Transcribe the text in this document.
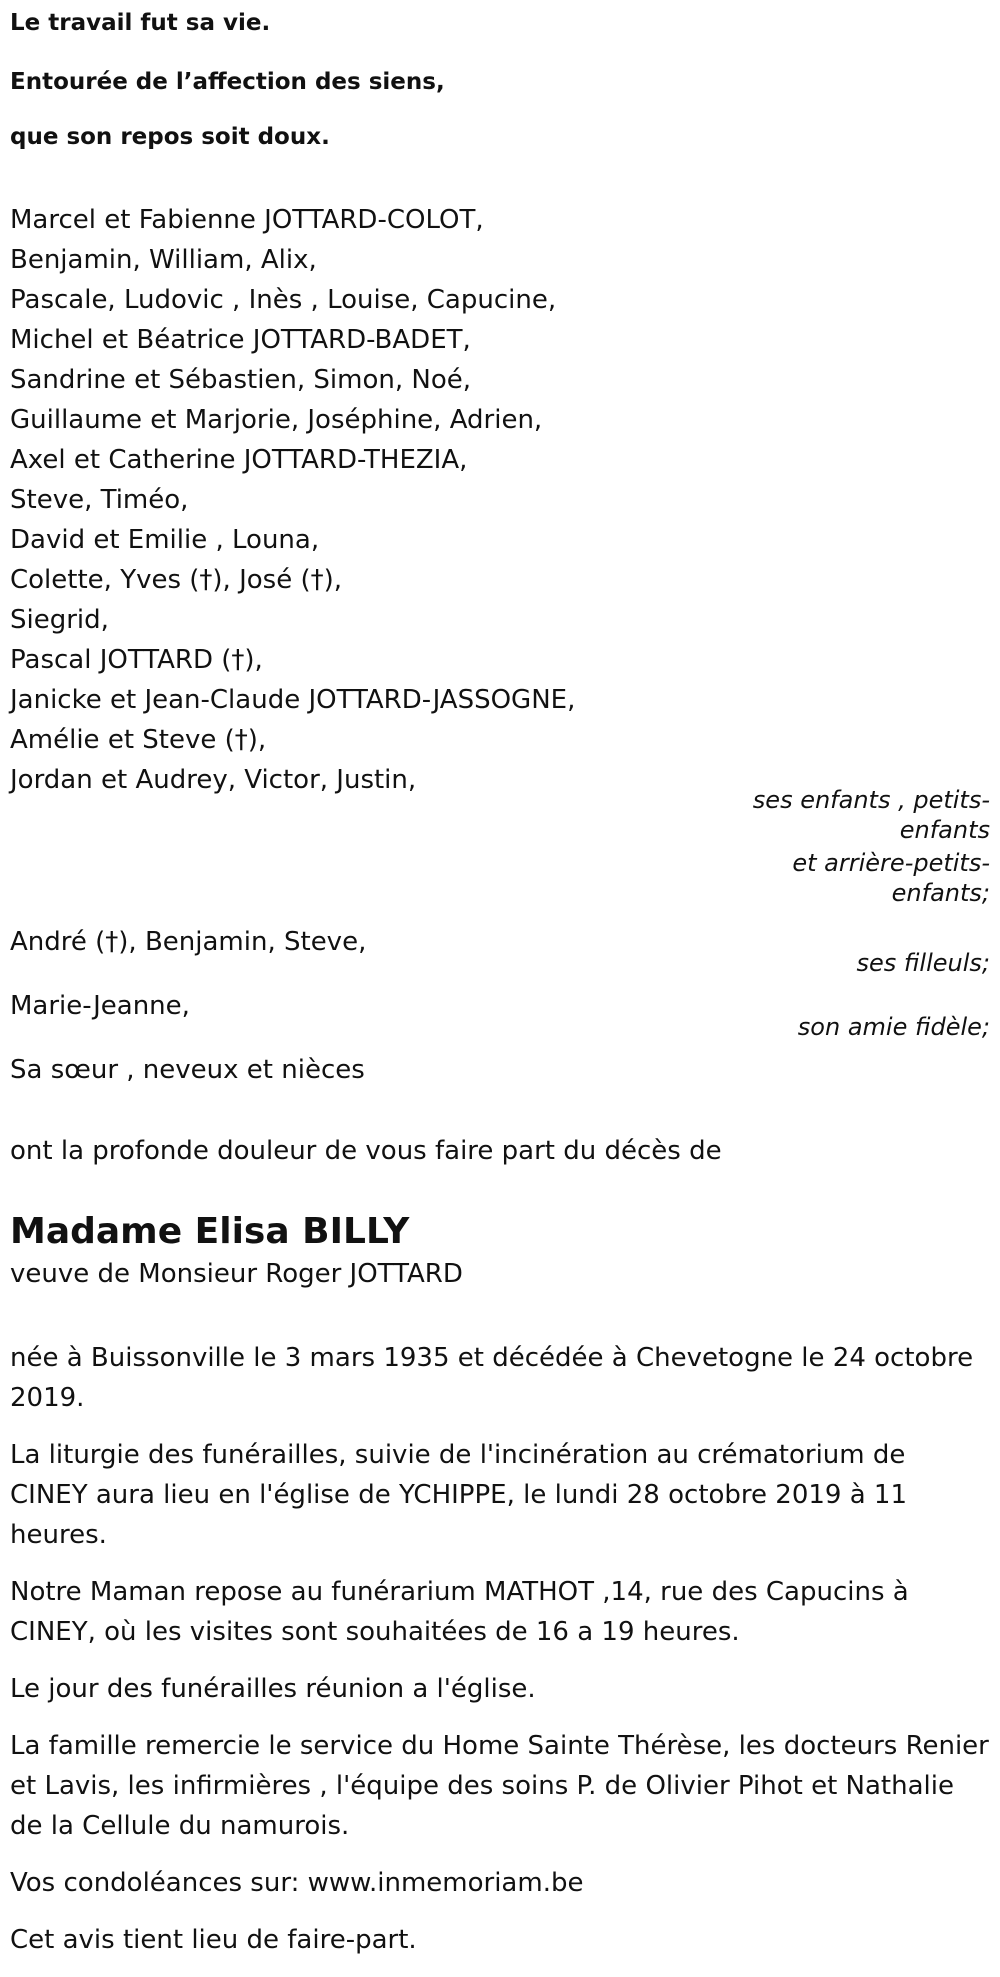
Le travail fut sa vie.

Entourée de l’affection des siens,

que son repos soit doux.

Marcel et Fabienne JOTTARD-COLOT,
Benjamin, William, Alix,
Pascale, Ludovic , Inès , Louise, Capucine,
Michel et Béatrice JOTTARD-BADET,
Sandrine et Sébastien, Simon, Noé,
Guillaume et Marjorie, Joséphine, Adrien,
Axel et Catherine JOTTARD-THEZIA,
Steve, Timéo,
David et Emilie , Louna,
Colette, Yves (†), José (†),
Siegrid,
Pascal JOTTARD (†),
Janicke et Jean-Claude JOTTARD-JASSOGNE,
Amélie et Steve (†),
Jordan et Audrey, Victor, Justin,
ses enfants , petits-enfants
et arrière-petits-enfants;
André (†), Benjamin, Steve,
ses filleuls;
Marie-Jeanne,
son amie fidèle;
Sa sœur , neveux et nièces
ont la profonde douleur de vous faire part du décès de
Madame Elisa BILLY
veuve de Monsieur Roger JOTTARD

née à Buissonville le 3 mars 1935 et décédée à Chevetogne le 24 octobre 2019.

La liturgie des funérailles, suivie de l'incinération au crématorium de CINEY aura lieu en l'église de YCHIPPE, le lundi 28 octobre 2019 à 11 heures.

Notre Maman repose au funérarium MATHOT ,14, rue des Capucins à CINEY, où les visites sont souhaitées de 16 a 19 heures.

Le jour des funérailles réunion a l'église.

La famille remercie le service du Home Sainte Thérèse, les docteurs Renier et Lavis, les infirmières , l'équipe des soins P. de Olivier Pihot et Nathalie de la Cellule du namurois.

Vos condoléances sur: www.inmemoriam.be

Cet avis tient lieu de faire-part.
